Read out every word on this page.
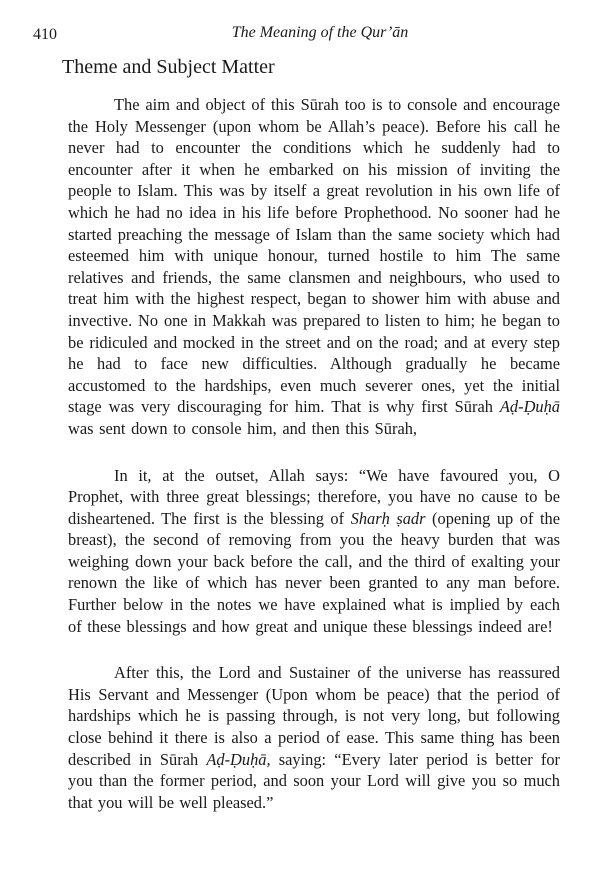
410	The Meaning of the Qur’ān
Theme and Subject Matter

The aim and object of this Sūrah too is to console and encourage the Holy Messenger (upon whom be Allah’s peace). Before his call he never had to encounter the conditions which he suddenly had to encounter after it when he embarked on his mission of inviting the people to Islam. This was by itself a great revolution in his own life of which he had no idea in his life before Prophethood. No sooner had he started preaching the message of Islam than the same society which had esteemed him with unique honour, turned hostile to him The same relatives and friends, the same clansmen and neighbours, who used to treat him with the highest respect, began to shower him with abuse and invective. No one in Makkah was prepared to listen to him; he began to be ridiculed and mocked in the street and on the road; and at every step he had to face new difficulties. Although gradually he became accustomed to the hardships, even much severer ones, yet the initial stage was very discouraging for him. That is why first Sūrah Aḍ-Ḍuḥā was sent down to console him, and then this Sūrah,

In it, at the outset, Allah says: “We have favoured you, O Prophet, with three great blessings; therefore, you have no cause to be disheartened. The first is the blessing of Sharḥ ṣadr (opening up of the breast), the second of removing from you the heavy burden that was weighing down your back before the call, and the third of exalting your renown the like of which has never been granted to any man before. Further below in the notes we have explained what is implied by each of these blessings and how great and unique these blessings indeed are!

After this, the Lord and Sustainer of the universe has reassured His Servant and Messenger (Upon whom be peace) that the period of hardships which he is passing through, is not very long, but following close behind it there is also a period of ease. This same thing has been described in Sūrah Aḍ-Ḍuḥā, saying: “Every later period is better for you than the former period, and soon your Lord will give you so much that you will be well pleased.”
